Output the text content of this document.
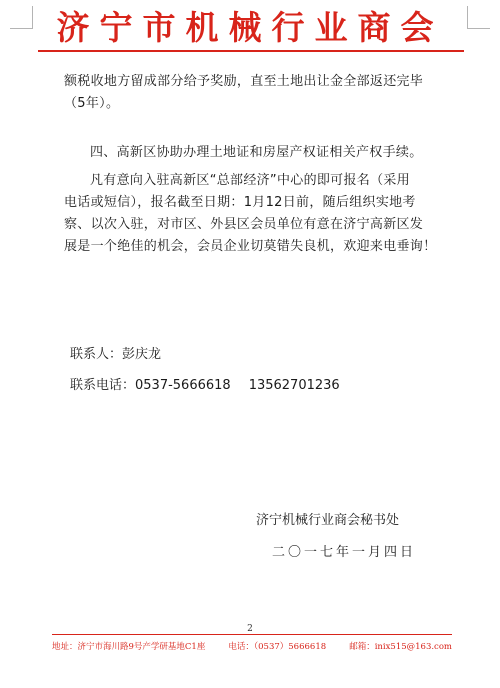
济宁市机械行业商会
额税收地方留成部分给予奖励，直至土地出让金全部返还完毕
（5年）。
四、高新区协助办理土地证和房屋产权证相关产权手续。
凡有意向入驻高新区“总部经济”中心的即可报名（采用
电话或短信），报名截至日期：1月12日前，随后组织实地考
察、以次入驻，对市区、外县区会员单位有意在济宁高新区发
展是一个绝佳的机会，会员企业切莫错失良机，欢迎来电垂询！
联系人：彭庆龙
联系电话：0537-5666618 13562701236
济宁机械行业商会秘书处
二〇一七年一月四日
2
地址：济宁市海川路9号产学研基地C1座	电话：（0537）5666618	邮箱：inix515@163.com
